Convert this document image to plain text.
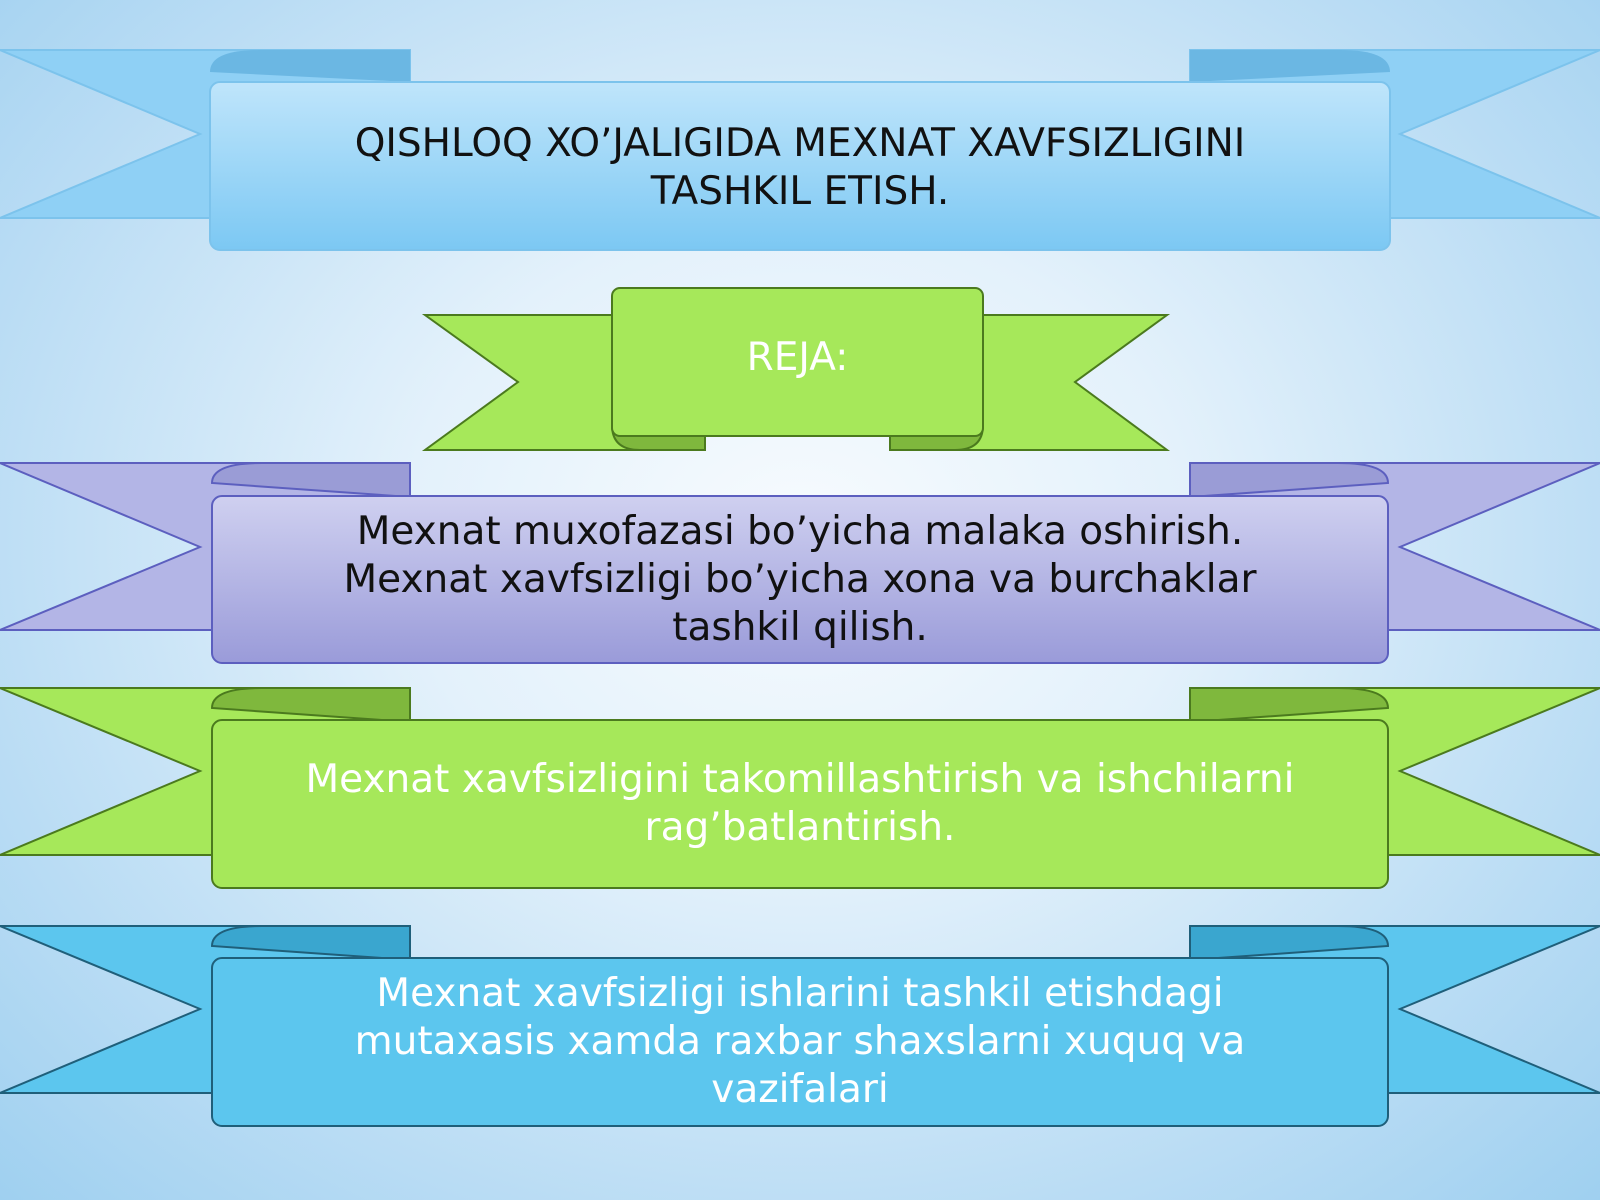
QISHLOQ XO’JALIGIDA MEXNAT XAVFSIZLIGINI TASHKIL ETISH.
REJA:
Mexnat muxofazasi bo’yicha malaka oshirish. Mexnat xavfsizligi bo’yicha xona va burchaklar tashkil qilish.
Mexnat xavfsizligini takomillashtirish va ishchilarni rag’batlantirish.
Mexnat xavfsizligi ishlarini tashkil etishdagi mutaxasis xamda raxbar shaxslarni xuquq va vazifalari
